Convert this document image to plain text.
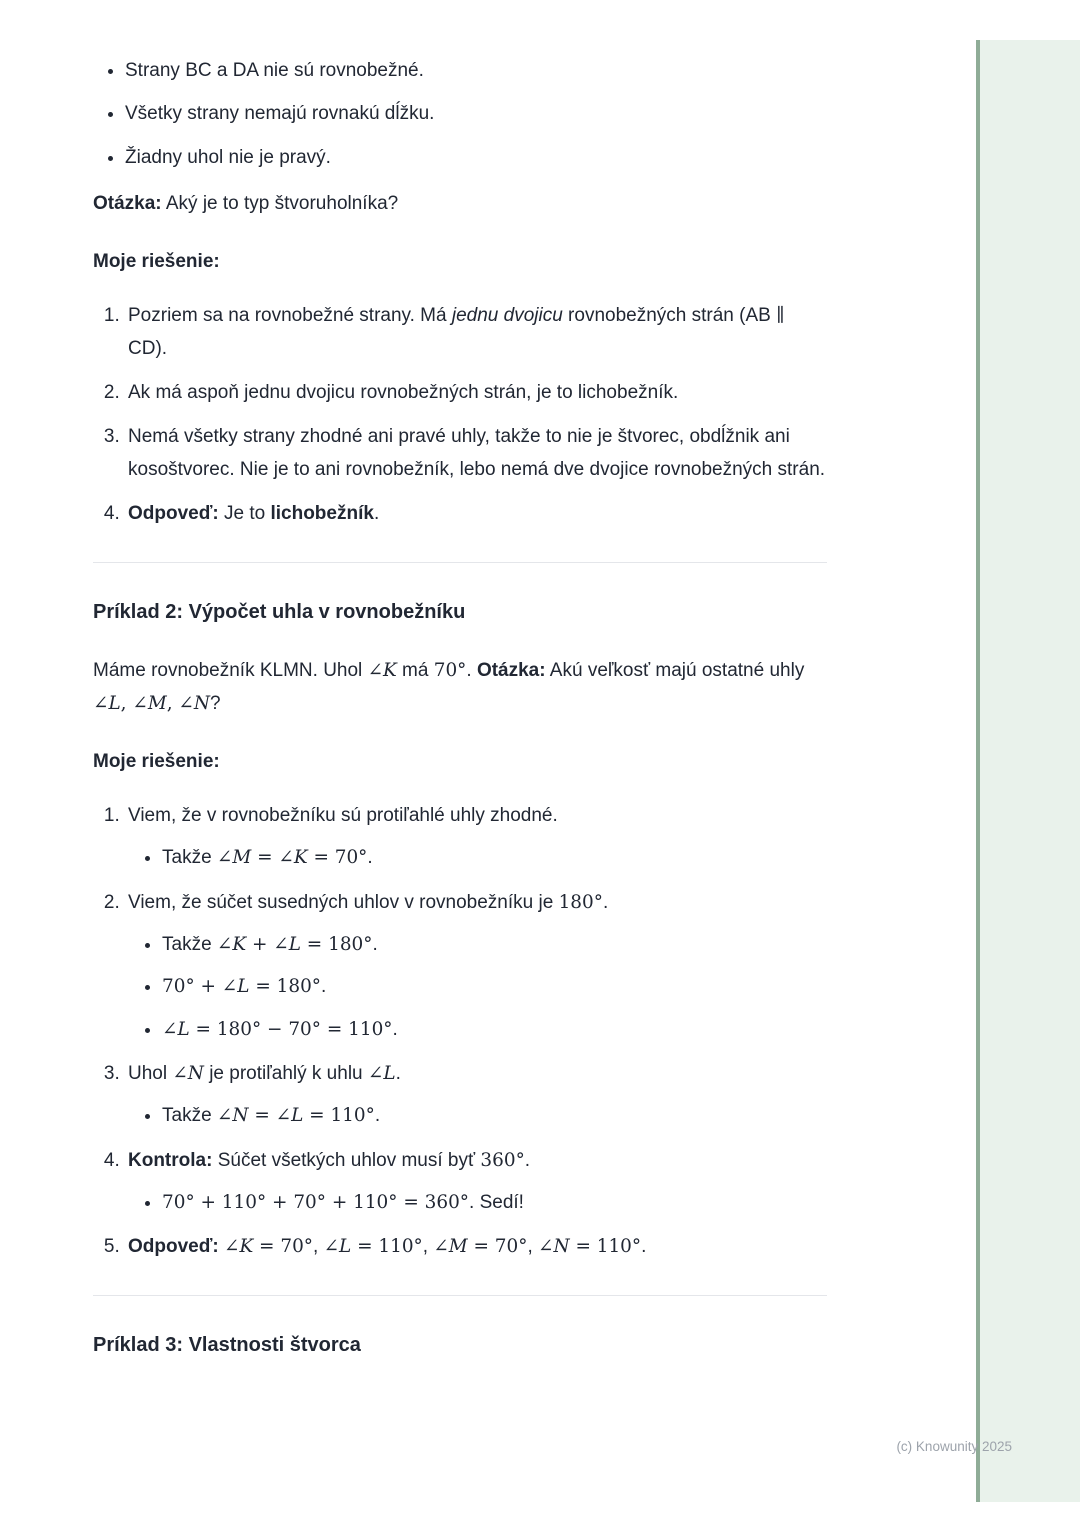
• Strany BC a DA nie sú rovnobežné.
• Všetky strany nemajú rovnakú dĺžku.
• Žiadny uhol nie je pravý.

Otázka: Aký je to typ štvoruholníka?

Moje riešenie:

1. Pozriem sa na rovnobežné strany. Má jednu dvojicu rovnobežných strán (AB ∥ CD).
2. Ak má aspoň jednu dvojicu rovnobežných strán, je to lichobežník.
3. Nemá všetky strany zhodné ani pravé uhly, takže to nie je štvorec, obdĺžnik ani kosoštvorec. Nie je to ani rovnobežník, lebo nemá dve dvojice rovnobežných strán.
4. Odpoveď: Je to lichobežník.
Príklad 2: Výpočet uhla v rovnobežníku

Máme rovnobežník KLMN. Uhol ∠K má 70°. Otázka: Akú veľkosť majú ostatné uhly ∠L, ∠M, ∠N?

Moje riešenie:

1. Viem, že v rovnobežníku sú protiľahlé uhly zhodné.
• Takže ∠M = ∠K = 70°.
2. Viem, že súčet susedných uhlov v rovnobežníku je 180°.
• Takže ∠K + ∠L = 180°.
• 70° + ∠L = 180°.
• ∠L = 180° − 70° = 110°.
3. Uhol ∠N je protiľahlý k uhlu ∠L.
• Takže ∠N = ∠L = 110°.
4. Kontrola: Súčet všetkých uhlov musí byť 360°.
• 70° + 110° + 70° + 110° = 360°. Sedí!
5. Odpoveď: ∠K = 70°, ∠L = 110°, ∠M = 70°, ∠N = 110°.
Príklad 3: Vlastnosti štvorca
(c) Knowunity 2025
